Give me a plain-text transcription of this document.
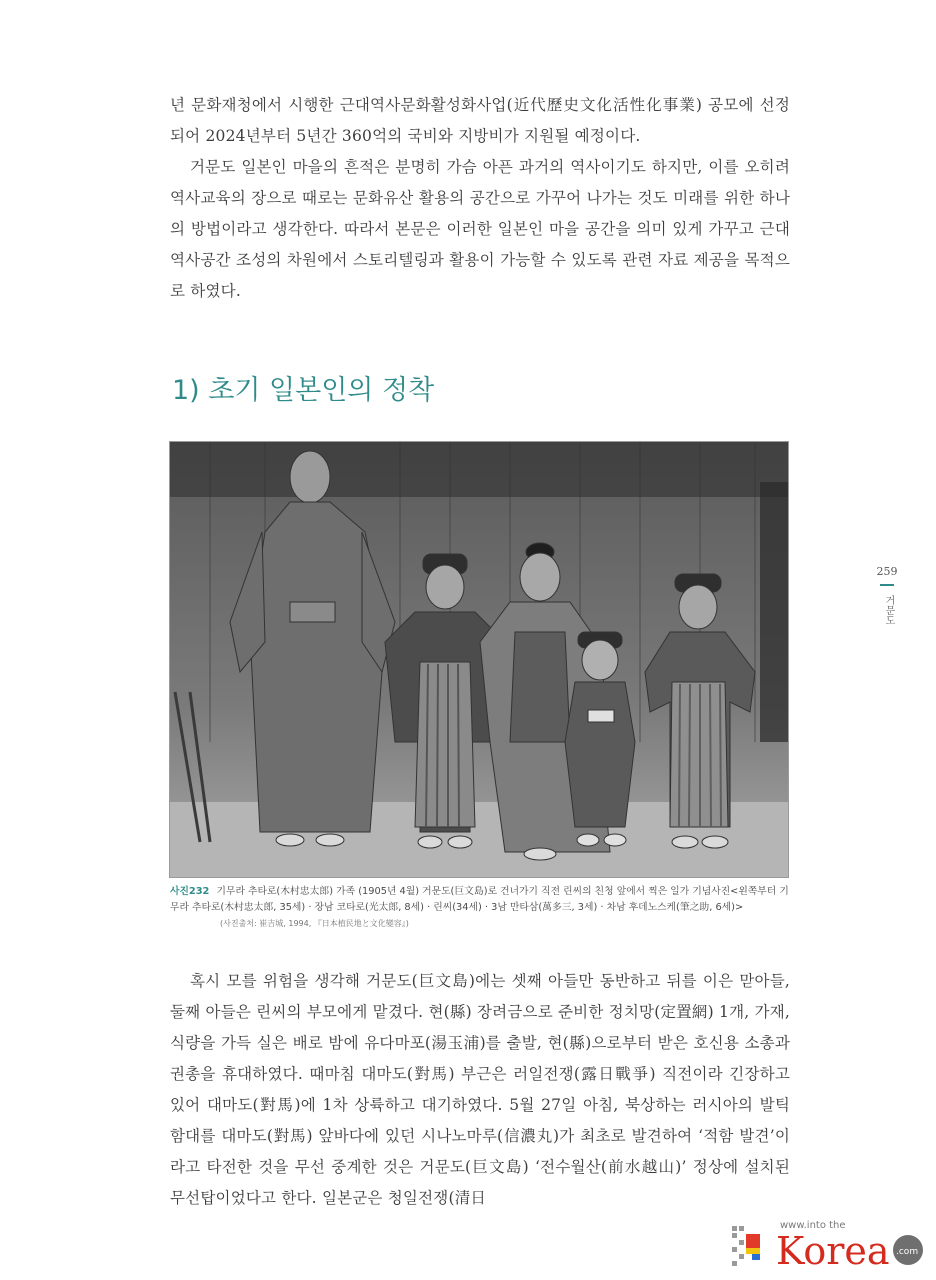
년 문화재청에서 시행한 근대역사문화활성화사업(近代歷史文化活性化事業) 공모에 선정되어 2024년부터 5년간 360억의 국비와 지방비가 지원될 예정이다.

거문도 일본인 마을의 흔적은 분명히 가슴 아픈 과거의 역사이기도 하지만, 이를 오히려 역사교육의 장으로 때로는 문화유산 활용의 공간으로 가꾸어 나가는 것도 미래를 위한 하나의 방법이라고 생각한다. 따라서 본문은 이러한 일본인 마을 공간을 의미 있게 가꾸고 근대역사공간 조성의 차원에서 스토리텔링과 활용이 가능할 수 있도록 관련 자료 제공을 목적으로 하였다.

1) 초기 일본인의 정착
사진232 기무라 추타로(木村忠太郎) 가족 (1905년 4월) 거문도(巨文島)로 건너가기 직전 린씨의 친청 앞에서 찍은 일가 기념사진<왼쪽부터 기무라 추타로(木村忠太郎, 35세) · 장남 코타로(光太郎, 8세) · 린씨(34세) · 3남 만타삼(萬多三, 3세) · 차남 후데노스케(筆之助, 6세)>
(사진출처: 崔吉城, 1994, 『日本植民地と文化變容』)

혹시 모를 위험을 생각해 거문도(巨文島)에는 셋째 아들만 동반하고 뒤를 이은 맏아들, 둘째 아들은 린씨의 부모에게 맡겼다. 현(縣) 장려금으로 준비한 정치망(定置網) 1개, 가재, 식량을 가득 실은 배로 밤에 유다마포(湯玉浦)를 출발, 현(縣)으로부터 받은 호신용 소총과 권총을 휴대하였다. 때마침 대마도(對馬) 부근은 러일전쟁(露日戰爭) 직전이라 긴장하고 있어 대마도(對馬)에 1차 상륙하고 대기하였다. 5월 27일 아침, 북상하는 러시아의 발틱 함대를 대마도(對馬) 앞바다에 있던 시나노마루(信濃丸)가 최초로 발견하여 ‘적함 발견’이라고 타전한 것을 무선 중계한 것은 거문도(巨文島) ‘전수월산(前水越山)’ 정상에 설치된 무선탑이었다고 한다. 일본군은 청일전쟁(清日

259
거문도
www.into the
Korea .com
